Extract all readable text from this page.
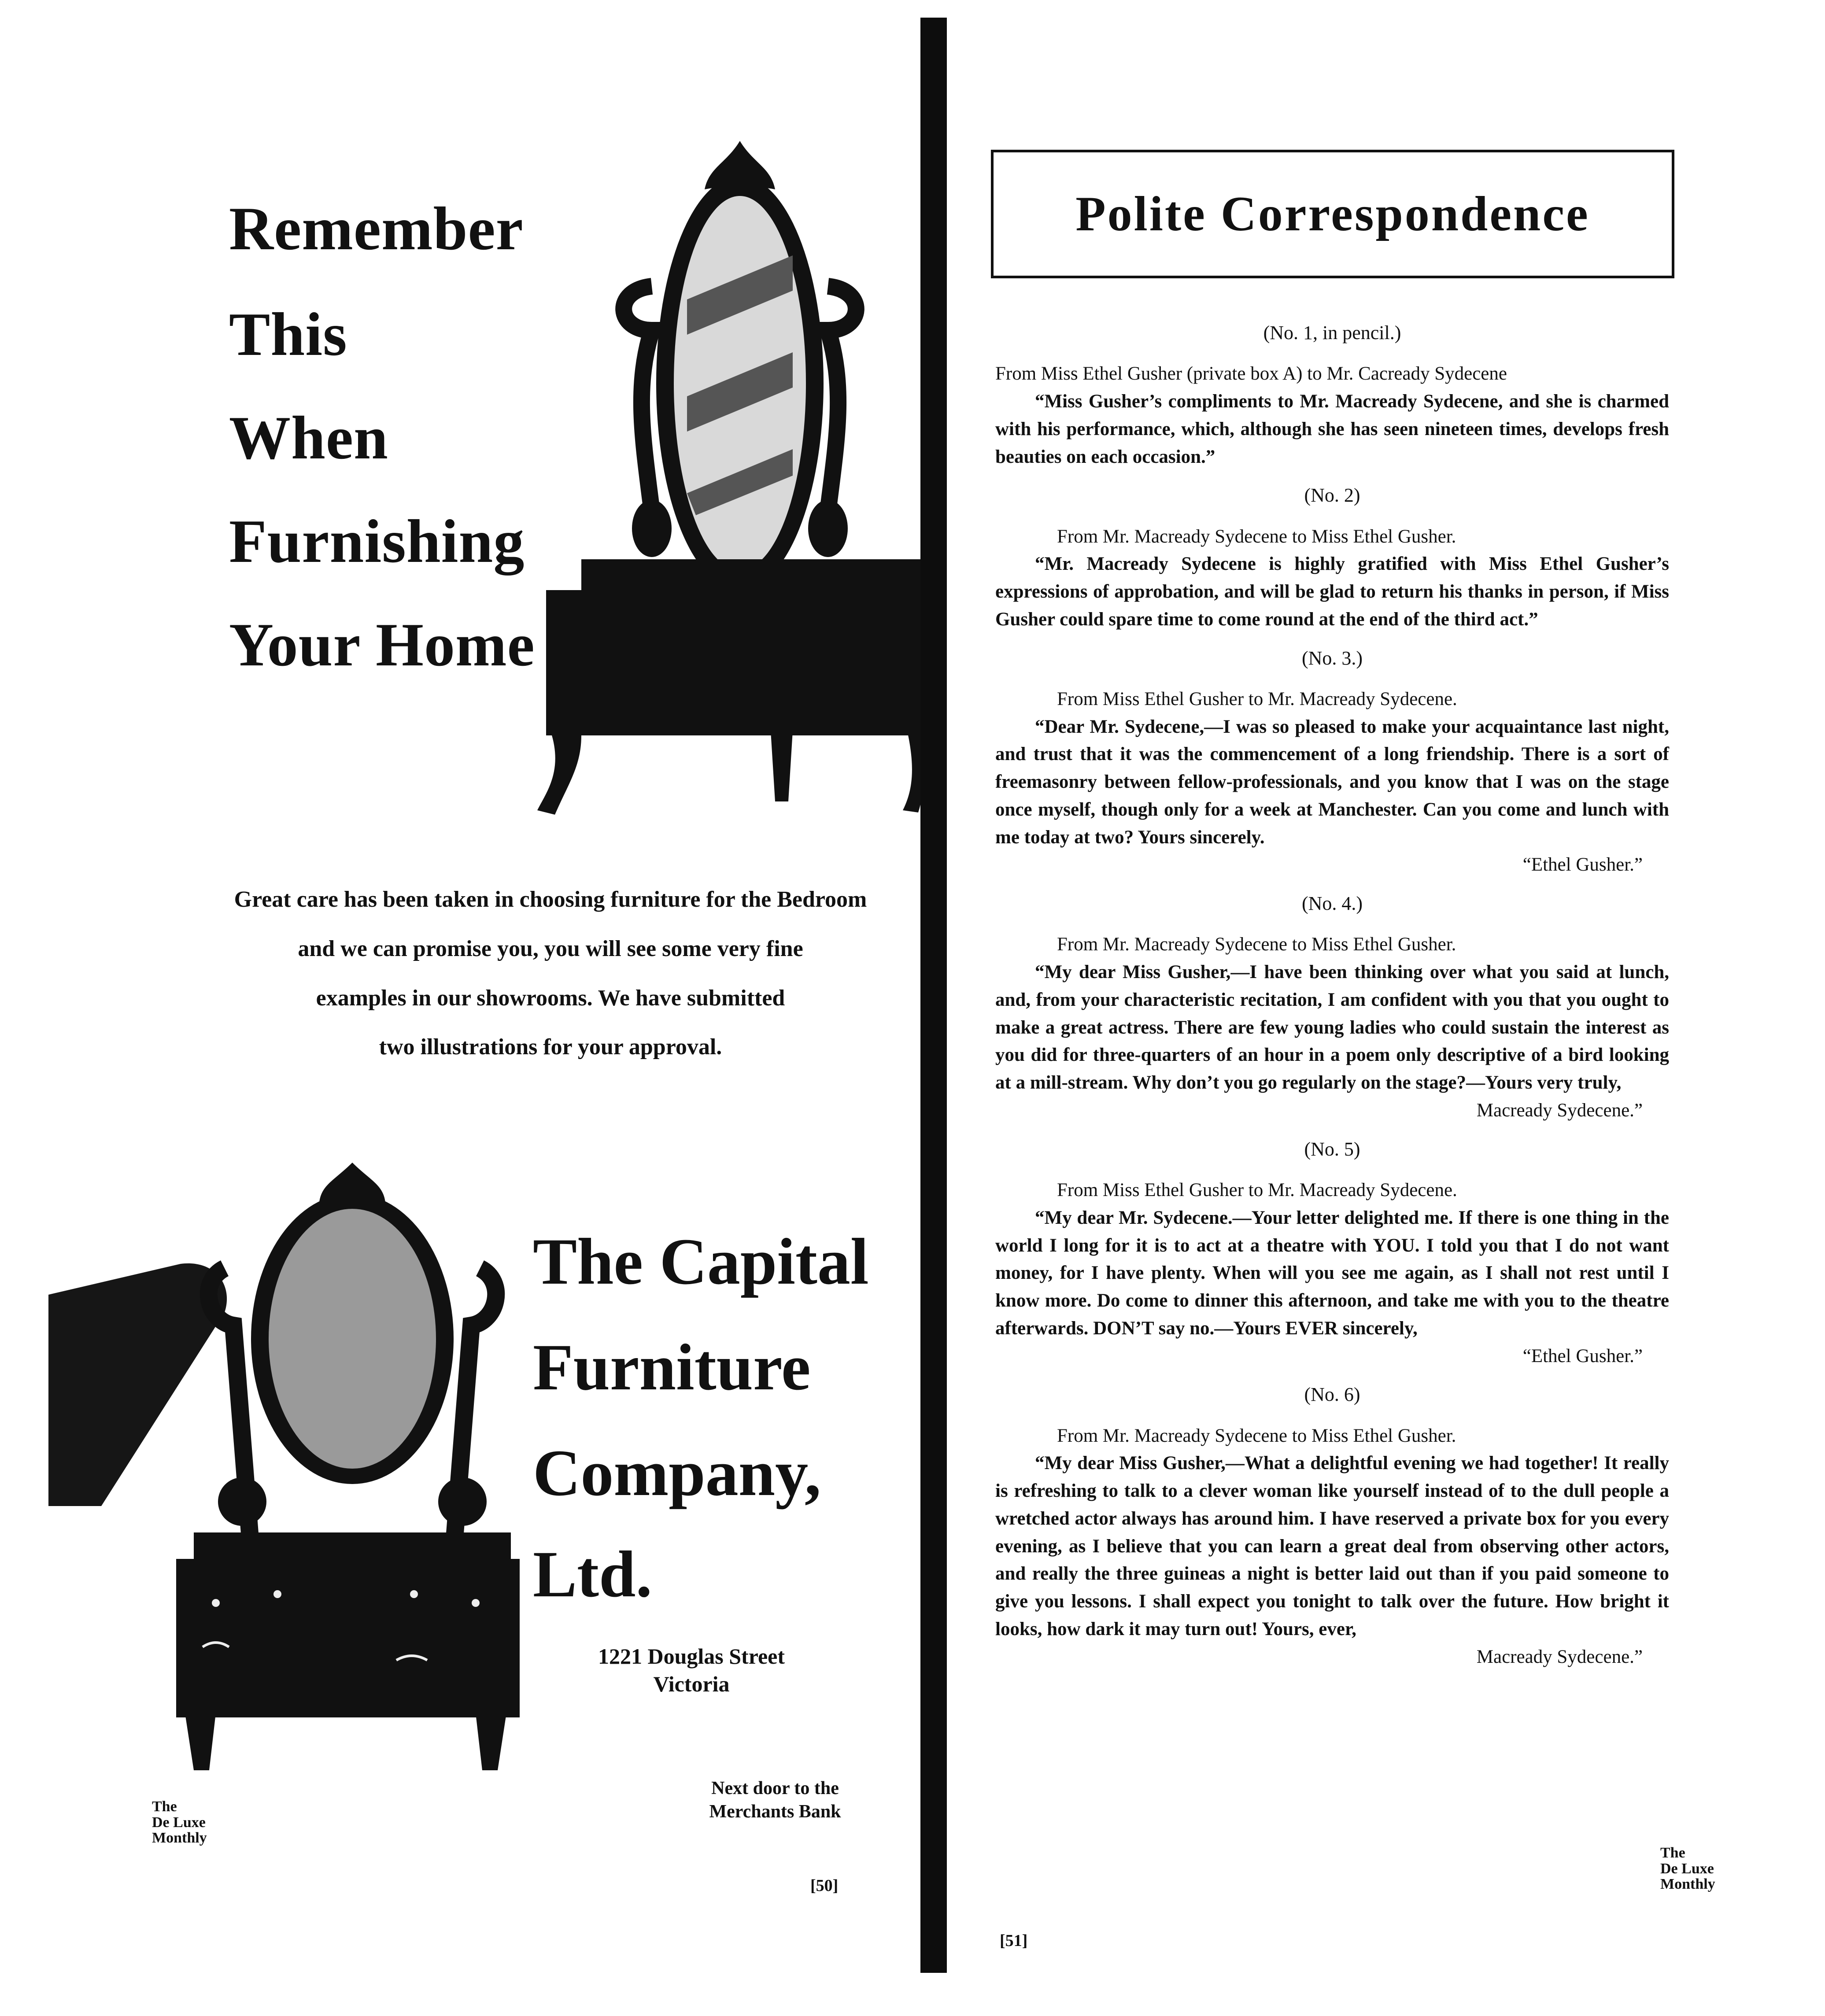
Remember
This
When
Furnishing
Your Home

Great care has been taken in choosing furniture for the Bedroom

and we can promise you, you will see some very fine

examples in our showrooms. We have submitted

two illustrations for your approval.

The Capital
Furniture
Company,
Ltd.
1221 Douglas Street
Victoria
Next door to the
Merchants Bank
The
De Luxe
Monthly
[50]
Polite Correspondence
(No. 1, in pencil.)

From Miss Ethel Gusher (private box A) to Mr. Cacready Sydecene

“Miss Gusher’s compliments to Mr. Macready Sydecene, and she is charmed with his performance, which, although she has seen nineteen times, develops fresh beauties on each occasion.”

(No. 2)

From Mr. Macready Sydecene to Miss Ethel Gusher.

“Mr. Macready Sydecene is highly gratified with Miss Ethel Gusher’s expressions of approbation, and will be glad to return his thanks in person, if Miss Gusher could spare time to come round at the end of the third act.”

(No. 3.)

From Miss Ethel Gusher to Mr. Macready Sydecene.

“Dear Mr. Sydecene,—I was so pleased to make your acquaintance last night, and trust that it was the commencement of a long friendship. There is a sort of freemasonry between fellow-professionals, and you know that I was on the stage once myself, though only for a week at Manchester. Can you come and lunch with me today at two? Yours sincerely.

“Ethel Gusher.”

(No. 4.)

From Mr. Macready Sydecene to Miss Ethel Gusher.

“My dear Miss Gusher,—I have been thinking over what you said at lunch, and, from your characteristic recitation, I am confident with you that you ought to make a great actress. There are few young ladies who could sustain the interest as you did for three-quarters of an hour in a poem only descriptive of a bird looking at a mill-stream. Why don’t you go regularly on the stage?—Yours very truly,

Macready Sydecene.”

(No. 5)

From Miss Ethel Gusher to Mr. Macready Sydecene.

“My dear Mr. Sydecene.—Your letter delighted me. If there is one thing in the world I long for it is to act at a theatre with YOU. I told you that I do not want money, for I have plenty. When will you see me again, as I shall not rest until I know more. Do come to dinner this afternoon, and take me with you to the theatre afterwards. DON’T say no.—Yours EVER sincerely,

“Ethel Gusher.”

(No. 6)

From Mr. Macready Sydecene to Miss Ethel Gusher.

“My dear Miss Gusher,—What a delightful evening we had together! It really is refreshing to talk to a clever woman like yourself instead of to the dull people a wretched actor always has around him. I have reserved a private box for you every evening, as I believe that you can learn a great deal from observing other actors, and really the three guineas a night is better laid out than if you paid someone to give you lessons. I shall expect you tonight to talk over the future. How bright it looks, how dark it may turn out! Yours, ever,

Macready Sydecene.”

[51]
The
De Luxe
Monthly
